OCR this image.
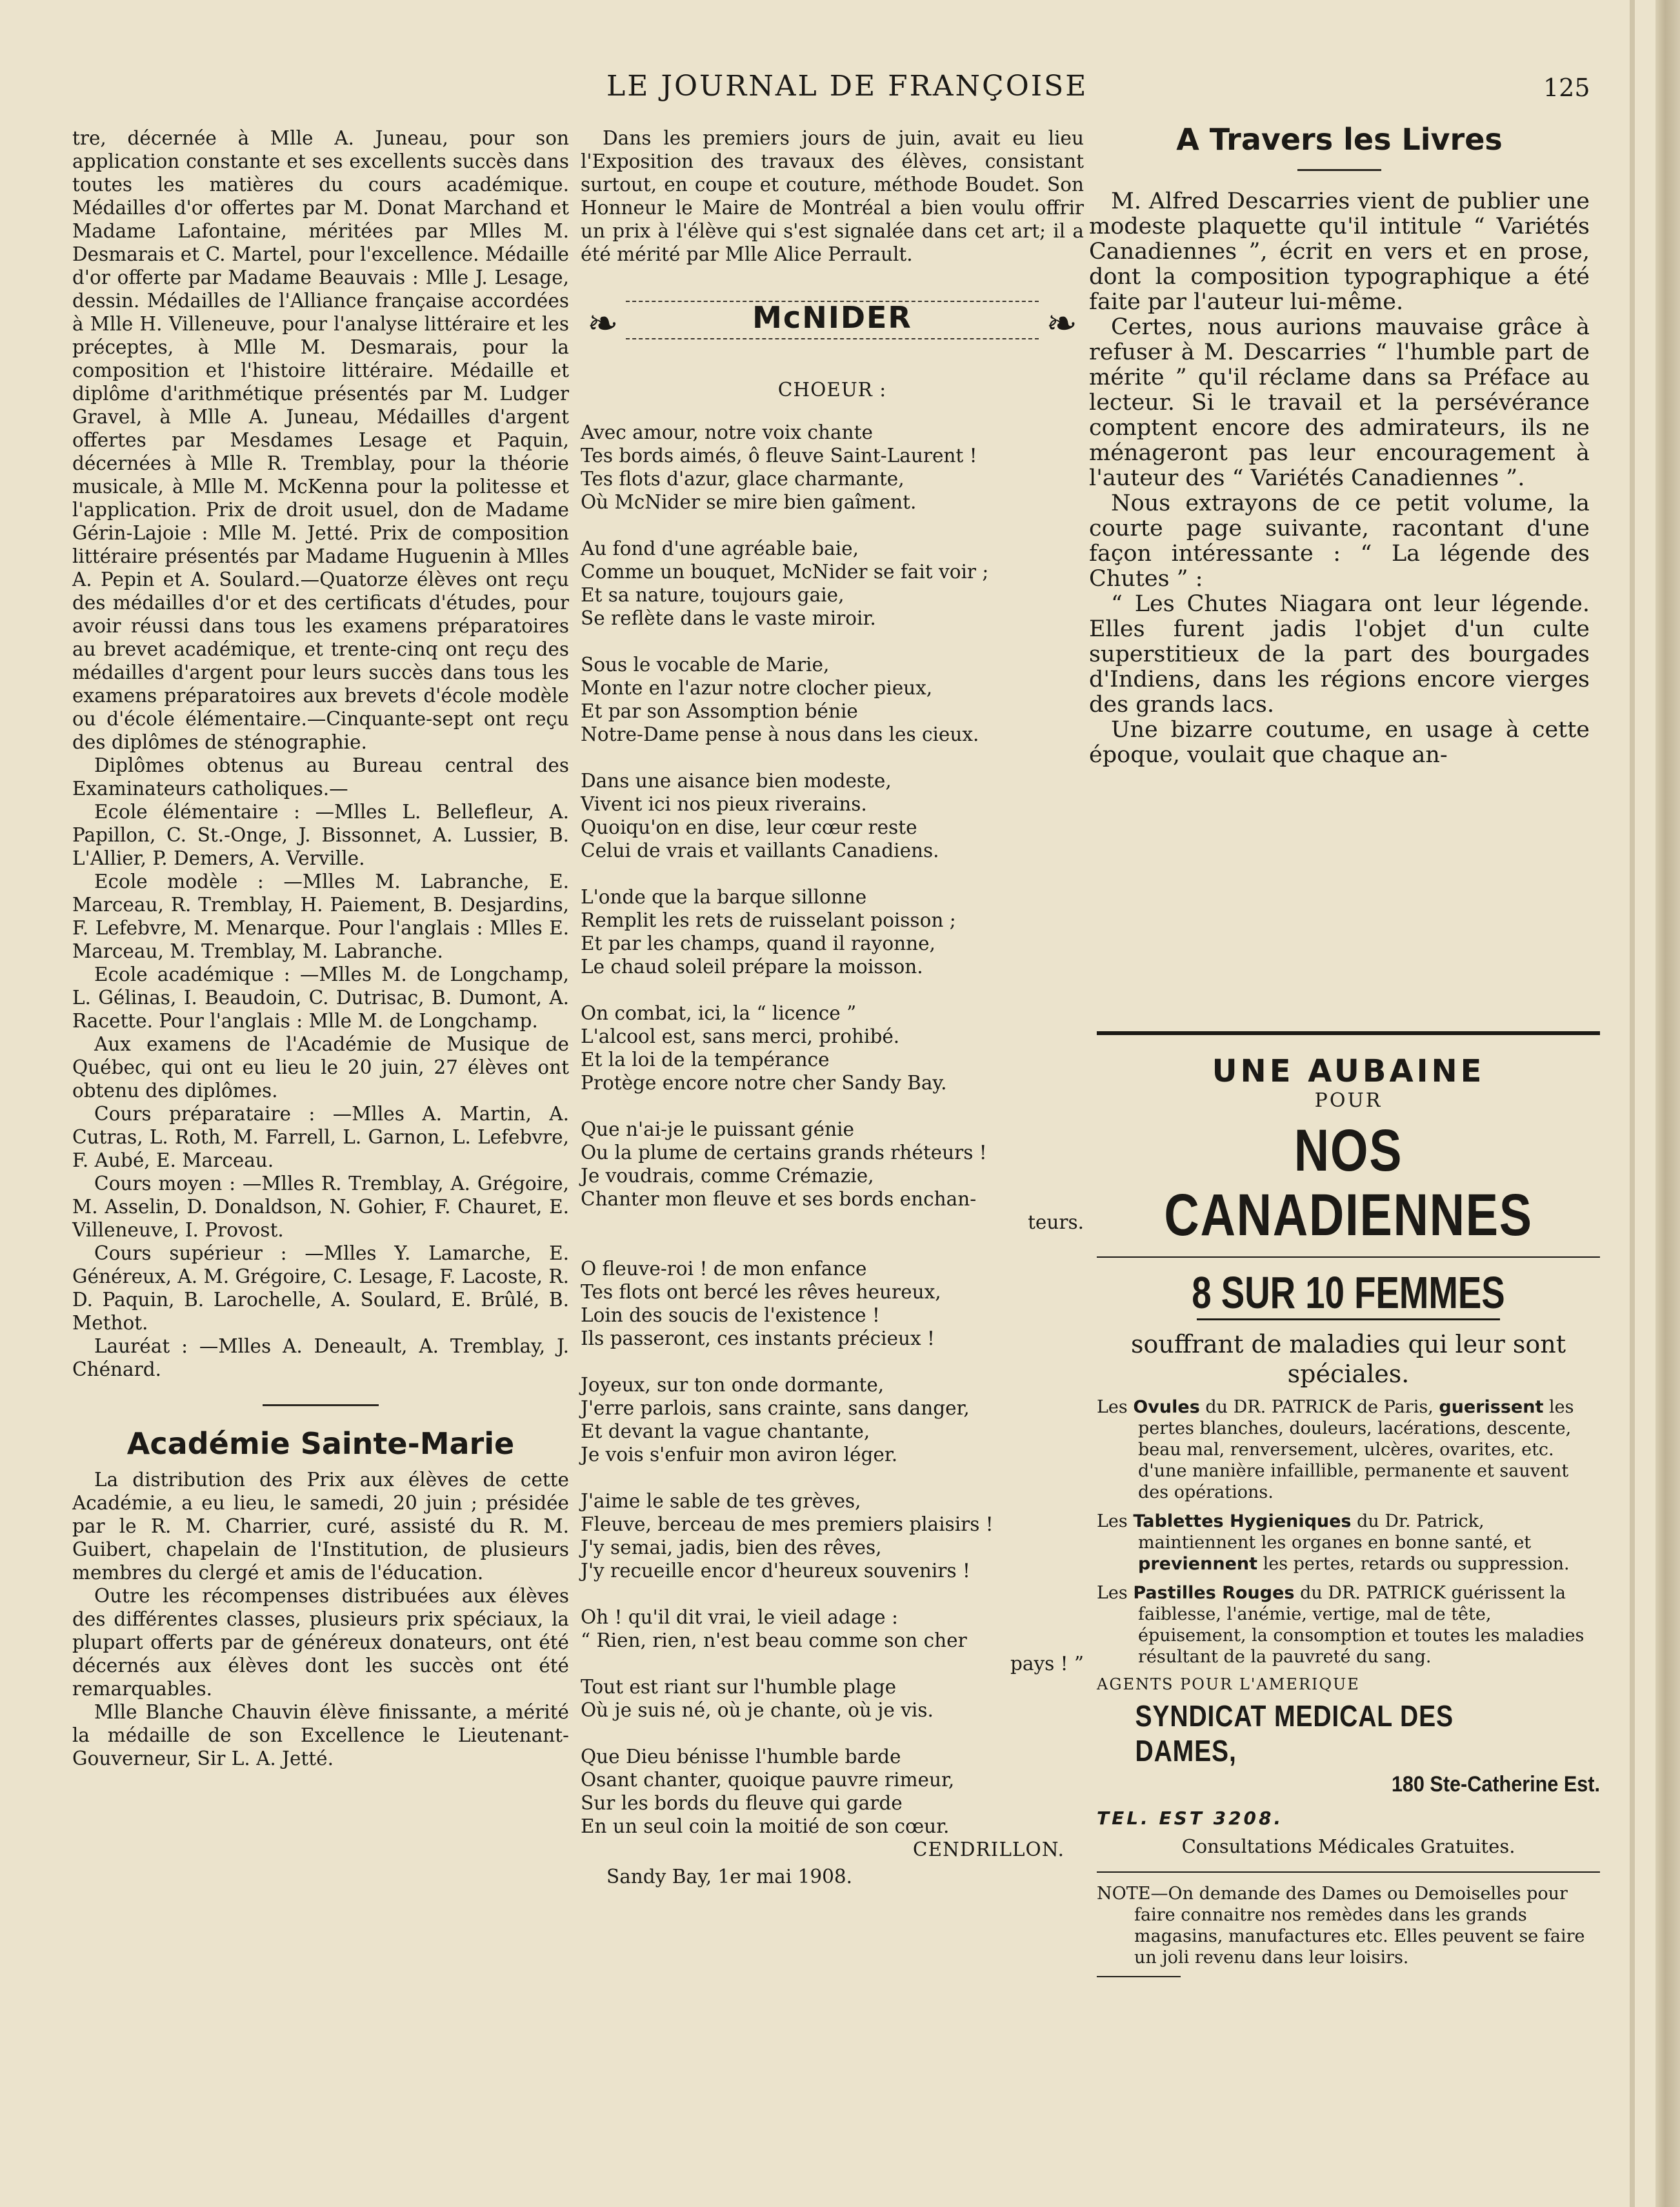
LE JOURNAL DE FRANÇOISE	125

tre, décernée à Mlle A. Juneau, pour son application constante et ses excellents succès dans toutes les matières du cours académique. Médailles d'or offertes par M. Donat Marchand et Madame Lafontaine, méritées par Mlles M. Desmarais et C. Martel, pour l'excellence. Médaille d'or offerte par Madame Beauvais : Mlle J. Lesage, dessin. Médailles de l'Alliance française accordées à Mlle H. Villeneuve, pour l'analyse littéraire et les préceptes, à Mlle M. Desmarais, pour la composition et l'histoire littéraire. Médaille et diplôme d'arithmétique présentés par M. Ludger Gravel, à Mlle A. Juneau, Médailles d'argent offertes par Mesdames Lesage et Paquin, décernées à Mlle R. Tremblay, pour la théorie musicale, à Mlle M. McKenna pour la politesse et l'application. Prix de droit usuel, don de Madame Gérin-Lajoie : Mlle M. Jetté. Prix de composition littéraire présentés par Madame Huguenin à Mlles A. Pepin et A. Soulard.—Quatorze élèves ont reçu des médailles d'or et des certificats d'études, pour avoir réussi dans tous les examens préparatoires au brevet académique, et trente-cinq ont reçu des médailles d'argent pour leurs succès dans tous les examens préparatoires aux brevets d'école modèle ou d'école élémentaire.—Cinquante-sept ont reçu des diplômes de sténographie.

Diplômes obtenus au Bureau central des Examinateurs catholiques.—

Ecole élémentaire : —Mlles L. Bellefleur, A. Papillon, C. St.-Onge, J. Bissonnet, A. Lussier, B. L'Allier, P. Demers, A. Verville.

Ecole modèle : —Mlles M. Labranche, E. Marceau, R. Tremblay, H. Paiement, B. Desjardins, F. Lefebvre, M. Menarque. Pour l'anglais : Mlles E. Marceau, M. Tremblay, M. Labranche.

Ecole académique : —Mlles M. de Longchamp, L. Gélinas, I. Beaudoin, C. Dutrisac, B. Dumont, A. Racette. Pour l'anglais : Mlle M. de Longchamp.

Aux examens de l'Académie de Musique de Québec, qui ont eu lieu le 20 juin, 27 élèves ont obtenu des diplômes.

Cours préparataire : —Mlles A. Martin, A. Cutras, L. Roth, M. Farrell, L. Garnon, L. Lefebvre, F. Aubé, E. Marceau.

Cours moyen : —Mlles R. Tremblay, A. Grégoire, M. Asselin, D. Donaldson, N. Gohier, F. Chauret, E. Villeneuve, I. Provost.

Cours supérieur : —Mlles Y. Lamarche, E. Généreux, A. M. Grégoire, C. Lesage, F. Lacoste, R. D. Paquin, B. Larochelle, A. Soulard, E. Brûlé, B. Methot.

Lauréat : —Mlles A. Deneault, A. Tremblay, J. Chénard.

Académie Sainte-Marie

La distribution des Prix aux élèves de cette Académie, a eu lieu, le samedi, 20 juin ; présidée par le R. M. Charrier, curé, assisté du R. M. Guibert, chapelain de l'Institution, de plusieurs membres du clergé et amis de l'éducation.

Outre les récompenses distribuées aux élèves des différentes classes, plusieurs prix spéciaux, la plupart offerts par de généreux donateurs, ont été décernés aux élèves dont les succès ont été remarquables.

Mlle Blanche Chauvin élève finissante, a mérité la médaille de son Excellence le Lieutenant-Gouverneur, Sir L. A. Jetté.

Dans les premiers jours de juin, avait eu lieu l'Exposition des travaux des élèves, consistant surtout, en coupe et couture, méthode Boudet. Son Honneur le Maire de Montréal a bien voulu offrir un prix à l'élève qui s'est signalée dans cet art; il a été mérité par Mlle Alice Perrault.

❧	❧
McNIDER
CHOEUR :
Avec amour, notre voix chante
Tes bords aimés, ô fleuve Saint-Laurent !
Tes flots d'azur, glace charmante,
Où McNider se mire bien gaîment.
Au fond d'une agréable baie,
Comme un bouquet, McNider se fait voir ;
Et sa nature, toujours gaie,
Se reflète dans le vaste miroir.
Sous le vocable de Marie,
Monte en l'azur notre clocher pieux,
Et par son Assomption bénie
Notre-Dame pense à nous dans les cieux.
Dans une aisance bien modeste,
Vivent ici nos pieux riverains.
Quoiqu'on en dise, leur cœur reste
Celui de vrais et vaillants Canadiens.
L'onde que la barque sillonne
Remplit les rets de ruisselant poisson ;
Et par les champs, quand il rayonne,
Le chaud soleil prépare la moisson.
On combat, ici, la “ licence ”
L'alcool est, sans merci, prohibé.
Et la loi de la tempérance
Protège encore notre cher Sandy Bay.
Que n'ai-je le puissant génie
Ou la plume de certains grands rhéteurs !
Je voudrais, comme Crémazie,
Chanter mon fleuve et ses bords enchan-
teurs.
O fleuve-roi ! de mon enfance
Tes flots ont bercé les rêves heureux,
Loin des soucis de l'existence !
Ils passeront, ces instants précieux !
Joyeux, sur ton onde dormante,
J'erre parlois, sans crainte, sans danger,
Et devant la vague chantante,
Je vois s'enfuir mon aviron léger.
J'aime le sable de tes grèves,
Fleuve, berceau de mes premiers plaisirs !
J'y semai, jadis, bien des rêves,
J'y recueille encor d'heureux souvenirs !
Oh ! qu'il dit vrai, le vieil adage :
“ Rien, rien, n'est beau comme son cher
pays ! ”
Tout est riant sur l'humble plage
Où je suis né, où je chante, où je vis.
Que Dieu bénisse l'humble barde
Osant chanter, quoique pauvre rimeur,
Sur les bords du fleuve qui garde
En un seul coin la moitié de son cœur.
CENDRILLON.
Sandy Bay, 1er mai 1908.
A Travers les Livres

M. Alfred Descarries vient de publier une modeste plaquette qu'il intitule “ Variétés Canadiennes ”, écrit en vers et en prose, dont la composition typographique a été faite par l'auteur lui-même.

Certes, nous aurions mauvaise grâce à refuser à M. Descarries “ l'humble part de mérite ” qu'il réclame dans sa Préface au lecteur. Si le travail et la persévérance comptent encore des admirateurs, ils ne ménageront pas leur encouragement à l'auteur des “ Variétés Canadiennes ”.

Nous extrayons de ce petit volume, la courte page suivante, racontant d'une façon intéressante : “ La légende des Chutes ” :

“ Les Chutes Niagara ont leur légende. Elles furent jadis l'objet d'un culte superstitieux de la part des bourgades d'Indiens, dans les régions encore vierges des grands lacs.

Une bizarre coutume, en usage à cette époque, voulait que chaque an-

UNE AUBAINE
POUR
NOS CANADIENNES
8 SUR 10 FEMMES
souffrant de maladies qui leur sont spéciales.
Les Ovules du DR. PATRICK de Paris, guerissent les pertes blanches, douleurs, lacérations, descente, beau mal, renversement, ulcères, ovarites, etc. d'une manière infaillible, permanente et sauvent des opérations.
Les Tablettes Hygieniques du Dr. Patrick, maintiennent les organes en bonne santé, et previennent les pertes, retards ou suppression.
Les Pastilles Rouges du DR. PATRICK guérissent la faiblesse, l'anémie, vertige, mal de tête, épuisement, la consomption et toutes les maladies résultant de la pauvreté du sang.
AGENTS POUR L'AMERIQUE
SYNDICAT MEDICAL DES DAMES,
180 Ste-Catherine Est.
TEL. EST 3208.
Consultations Médicales Gratuites.
NOTE—On demande des Dames ou Demoiselles pour faire connaitre nos remèdes dans les grands magasins, manufactures etc. Elles peuvent se faire un joli revenu dans leur loisirs.
